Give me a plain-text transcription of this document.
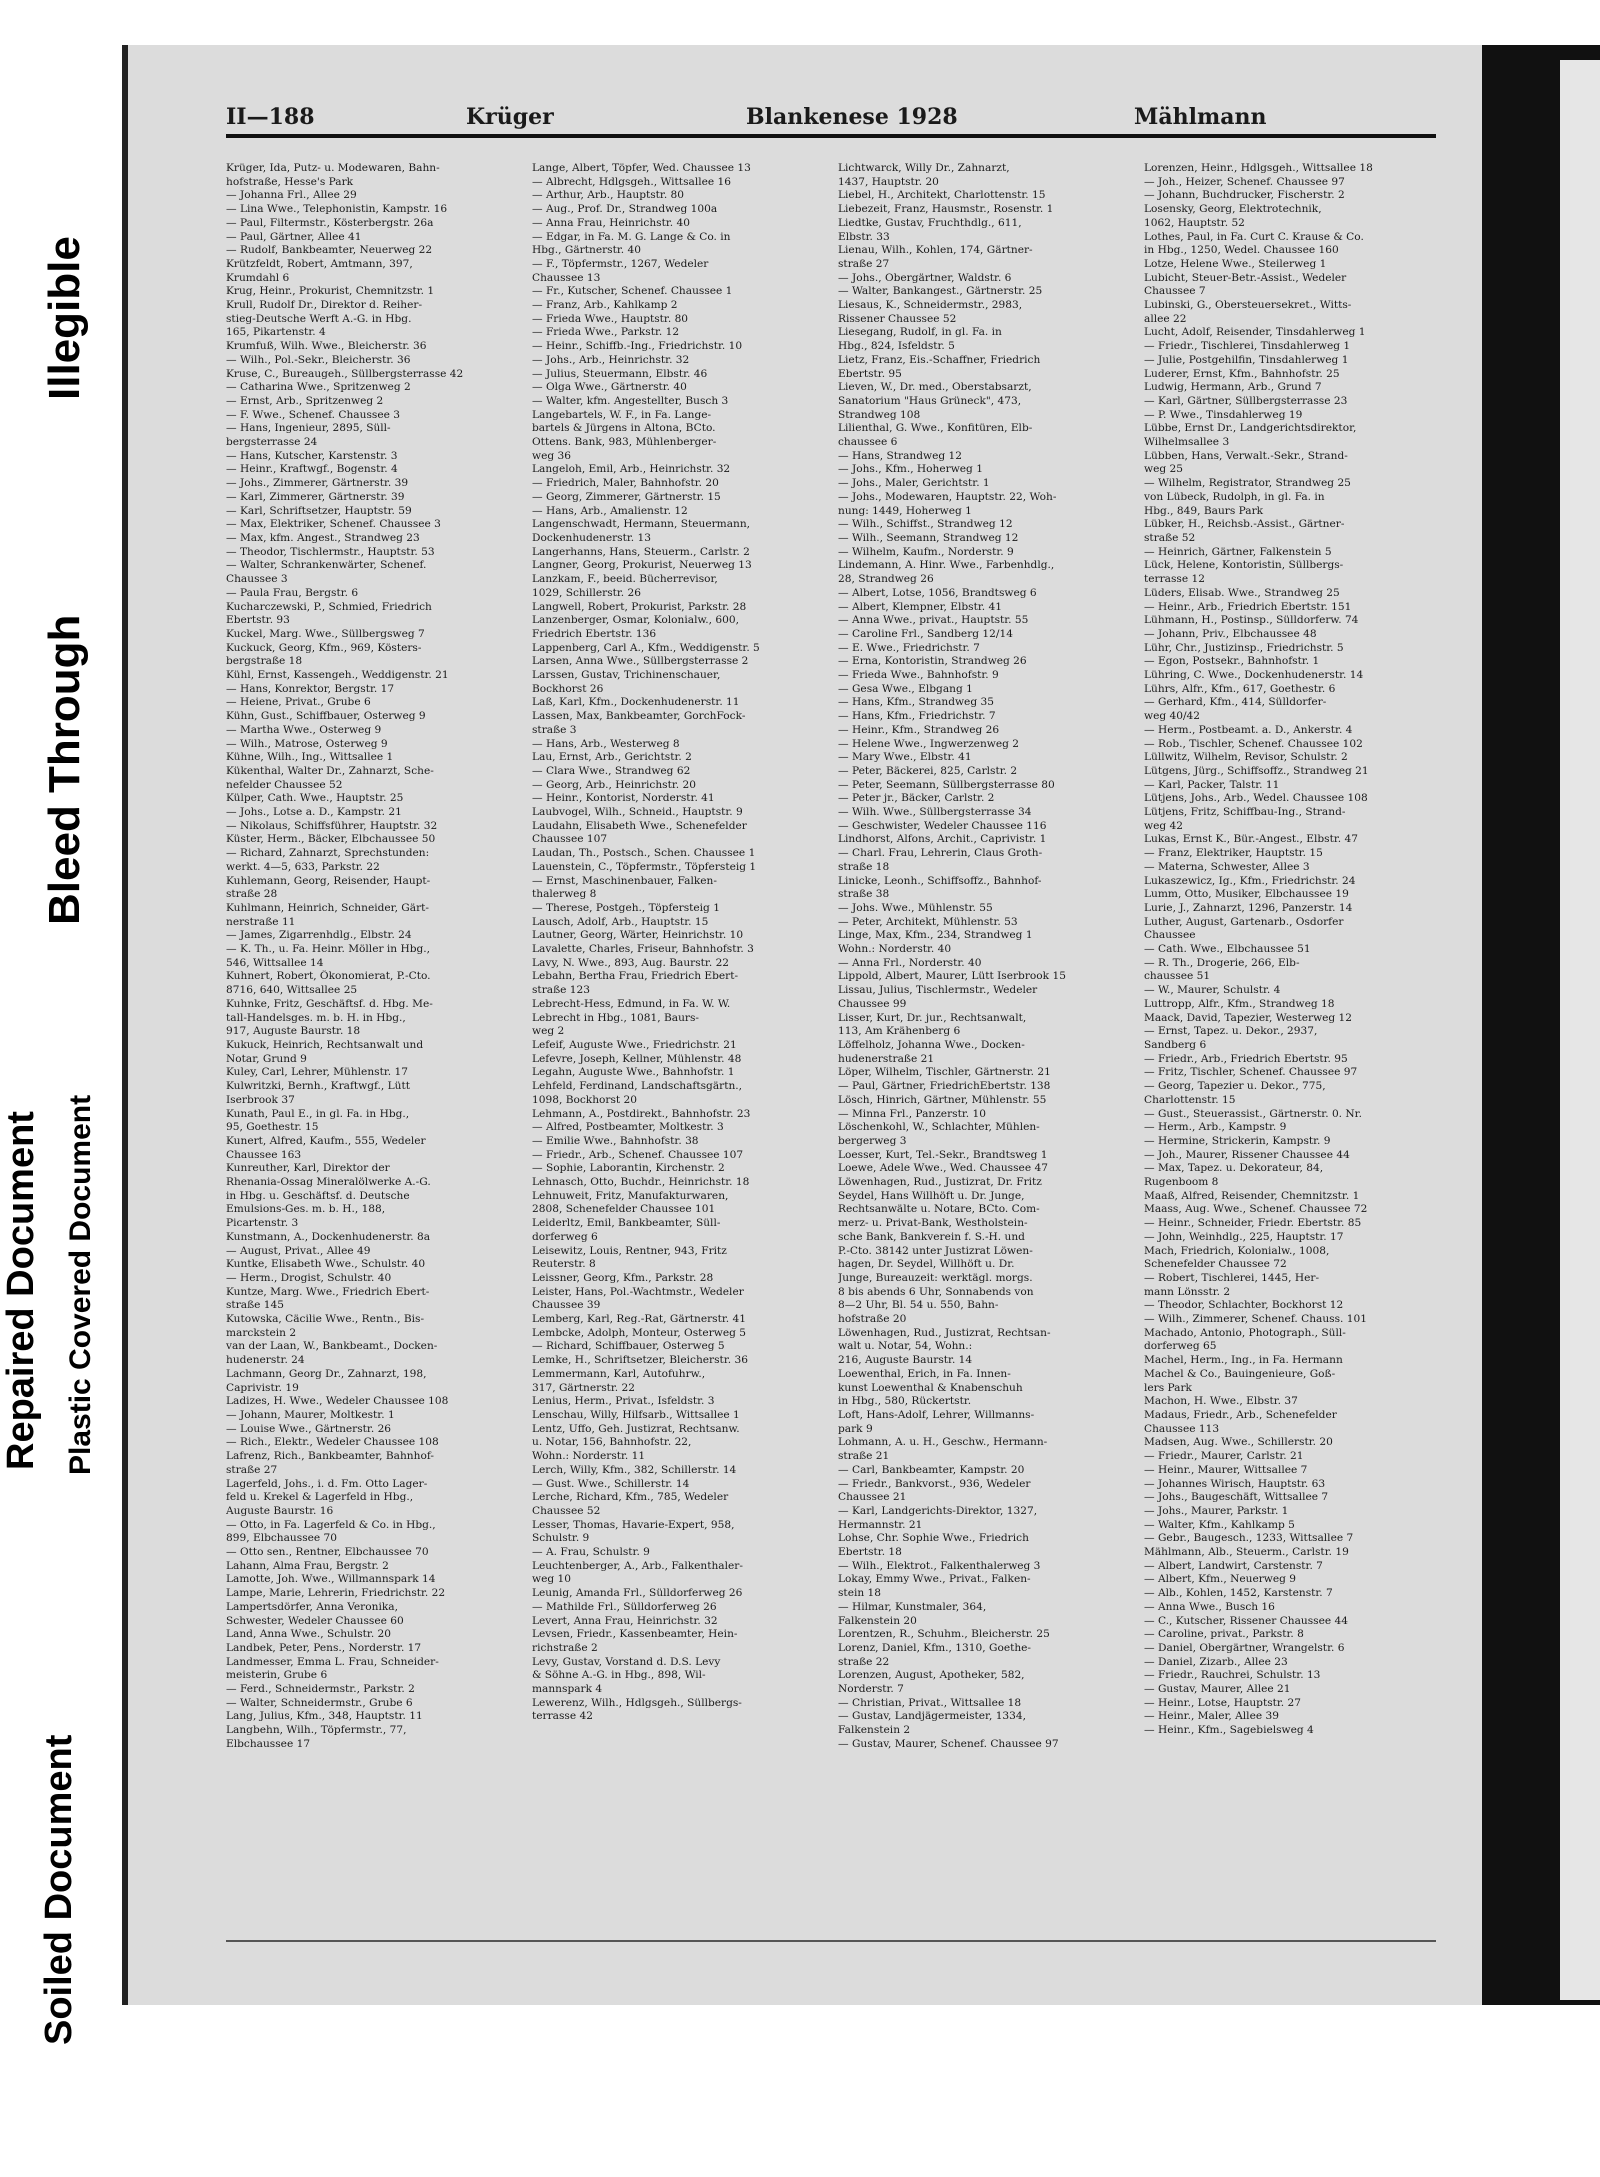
Soiled Document
Repaired Document Plastic Covered Document
Bleed Through
Illegible
II—188	Krüger	Blankenese 1928	Mählmann
Krüger, Ida, Putz- u. Modewaren, Bahn-
hofstraße, Hesse's Park
— Johanna Frl., Allee 29
— Lina Wwe., Telephonistin, Kampstr. 16
— Paul, Filtermstr., Kösterbergstr. 26a
— Paul, Gärtner, Allee 41
— Rudolf, Bankbeamter, Neuerweg 22
Krützfeldt, Robert, Amtmann, 397,
Krumdahl 6
Krug, Heinr., Prokurist, Chemnitzstr. 1
Krull, Rudolf Dr., Direktor d. Reiher-
stieg-Deutsche Werft A.-G. in Hbg.
165, Pikartenstr. 4
Krumfuß, Wilh. Wwe., Bleicherstr. 36
— Wilh., Pol.-Sekr., Bleicherstr. 36
Kruse, C., Bureaugeh., Süllbergsterrasse 42
— Catharina Wwe., Spritzenweg 2
— Ernst, Arb., Spritzenweg 2
— F. Wwe., Schenef. Chaussee 3
— Hans, Ingenieur, 2895, Süll-
bergsterrasse 24
— Hans, Kutscher, Karstenstr. 3
— Heinr., Kraftwgf., Bogenstr. 4
— Johs., Zimmerer, Gärtnerstr. 39
— Karl, Zimmerer, Gärtnerstr. 39
— Karl, Schriftsetzer, Hauptstr. 59
— Max, Elektriker, Schenef. Chaussee 3
— Max, kfm. Angest., Strandweg 23
— Theodor, Tischlermstr., Hauptstr. 53
— Walter, Schrankenwärter, Schenef.
Chaussee 3
— Paula Frau, Bergstr. 6
Kucharczewski, P., Schmied, Friedrich
Ebertstr. 93
Kuckel, Marg. Wwe., Süllbergsweg 7
Kuckuck, Georg, Kfm., 969, Kösters-
bergstraße 18
Kühl, Ernst, Kassengeh., Weddigenstr. 21
— Hans, Konrektor, Bergstr. 17
— Heiene, Privat., Grube 6
Kühn, Gust., Schiffbauer, Osterweg 9
— Martha Wwe., Osterweg 9
— Wilh., Matrose, Osterweg 9
Kühne, Wilh., Ing., Wittsallee 1
Kükenthal, Walter Dr., Zahnarzt, Sche-
nefelder Chaussee 52
Külper, Cath. Wwe., Hauptstr. 25
— Johs., Lotse a. D., Kampstr. 21
— Nikolaus, Schiffsführer, Hauptstr. 32
Küster, Herm., Bäcker, Elbchaussee 50
— Richard, Zahnarzt, Sprechstunden:
werkt. 4—5, 633, Parkstr. 22
Kuhlemann, Georg, Reisender, Haupt-
straße 28
Kuhlmann, Heinrich, Schneider, Gärt-
nerstraße 11
— James, Zigarrenhdlg., Elbstr. 24
— K. Th., u. Fa. Heinr. Möller in Hbg.,
546, Wittsallee 14
Kuhnert, Robert, Ökonomierat, P.-Cto.
8716, 640, Wittsallee 25
Kuhnke, Fritz, Geschäftsf. d. Hbg. Me-
tall-Handelsges. m. b. H. in Hbg.,
917, Auguste Baurstr. 18
Kukuck, Heinrich, Rechtsanwalt und
Notar, Grund 9
Kuley, Carl, Lehrer, Mühlenstr. 17
Kulwritzki, Bernh., Kraftwgf., Lütt
Iserbrook 37
Kunath, Paul E., in gl. Fa. in Hbg.,
95, Goethestr. 15
Kunert, Alfred, Kaufm., 555, Wedeler
Chaussee 163
Kunreuther, Karl, Direktor der
Rhenania-Ossag Mineralölwerke A.-G.
in Hbg. u. Geschäftsf. d. Deutsche
Emulsions-Ges. m. b. H., 188,
Picartenstr. 3
Kunstmann, A., Dockenhudenerstr. 8a
— August, Privat., Allee 49
Kuntke, Elisabeth Wwe., Schulstr. 40
— Herm., Drogist, Schulstr. 40
Kuntze, Marg. Wwe., Friedrich Ebert-
straße 145
Kutowska, Cäcilie Wwe., Rentn., Bis-
marckstein 2
van der Laan, W., Bankbeamt., Docken-
hudenerstr. 24
Lachmann, Georg Dr., Zahnarzt, 198,
Caprivistr. 19
Ladizes, H. Wwe., Wedeler Chaussee 108
— Johann, Maurer, Moltkestr. 1
— Louise Wwe., Gärtnerstr. 26
— Rich., Elektr., Wedeler Chaussee 108
Lafrenz, Rich., Bankbeamter, Bahnhof-
straße 27
Lagerfeld, Johs., i. d. Fm. Otto Lager-
feld u. Krekel & Lagerfeld in Hbg.,
Auguste Baurstr. 16
— Otto, in Fa. Lagerfeld & Co. in Hbg.,
899, Elbchaussee 70
— Otto sen., Rentner, Elbchaussee 70
Lahann, Alma Frau, Bergstr. 2
Lamotte, Joh. Wwe., Willmannspark 14
Lampe, Marie, Lehrerin, Friedrichstr. 22
Lampertsdörfer, Anna Veronika,
Schwester, Wedeler Chaussee 60
Land, Anna Wwe., Schulstr. 20
Landbek, Peter, Pens., Norderstr. 17
Landmesser, Emma L. Frau, Schneider-
meisterin, Grube 6
— Ferd., Schneidermstr., Parkstr. 2
— Walter, Schneidermstr., Grube 6
Lang, Julius, Kfm., 348, Hauptstr. 11
Langbehn, Wilh., Töpfermstr., 77,
Elbchaussee 17
Lange, Albert, Töpfer, Wed. Chaussee 13
— Albrecht, Hdlgsgeh., Wittsallee 16
— Arthur, Arb., Hauptstr. 80
— Aug., Prof. Dr., Strandweg 100a
— Anna Frau, Heinrichstr. 40
— Edgar, in Fa. M. G. Lange & Co. in
Hbg., Gärtnerstr. 40
— F., Töpfermstr., 1267, Wedeler
Chaussee 13
— Fr., Kutscher, Schenef. Chaussee 1
— Franz, Arb., Kahlkamp 2
— Frieda Wwe., Hauptstr. 80
— Frieda Wwe., Parkstr. 12
— Heinr., Schiffb.-Ing., Friedrichstr. 10
— Johs., Arb., Heinrichstr. 32
— Julius, Steuermann, Elbstr. 46
— Olga Wwe., Gärtnerstr. 40
— Walter, kfm. Angestellter, Busch 3
Langebartels, W. F., in Fa. Lange-
bartels & Jürgens in Altona, BCto.
Ottens. Bank, 983, Mühlenberger-
weg 36
Langeloh, Emil, Arb., Heinrichstr. 32
— Friedrich, Maler, Bahnhofstr. 20
— Georg, Zimmerer, Gärtnerstr. 15
— Hans, Arb., Amalienstr. 12
Langenschwadt, Hermann, Steuermann,
Dockenhudenerstr. 13
Langerhanns, Hans, Steuerm., Carlstr. 2
Langner, Georg, Prokurist, Neuerweg 13
Lanzkam, F., beeid. Bücherrevisor,
1029, Schillerstr. 26
Langwell, Robert, Prokurist, Parkstr. 28
Lanzenberger, Osmar, Kolonialw., 600,
Friedrich Ebertstr. 136
Lappenberg, Carl A., Kfm., Weddigenstr. 5
Larsen, Anna Wwe., Süllbergsterrasse 2
Larssen, Gustav, Trichinenschauer,
Bockhorst 26
Laß, Karl, Kfm., Dockenhudenerstr. 11
Lassen, Max, Bankbeamter, GorchFock-
straße 3
— Hans, Arb., Westerweg 8
Lau, Ernst, Arb., Gerichtstr. 2
— Clara Wwe., Strandweg 62
— Georg, Arb., Heinrichstr. 20
— Heinr., Kontorist, Norderstr. 41
Laubvogel, Wilh., Schneid., Hauptstr. 9
Laudahn, Elisabeth Wwe., Schenefelder
Chaussee 107
Laudan, Th., Postsch., Schen. Chaussee 1
Lauenstein, C., Töpfermstr., Töpfersteig 1
— Ernst, Maschinenbauer, Falken-
thalerweg 8
— Therese, Postgeh., Töpfersteig 1
Lausch, Adolf, Arb., Hauptstr. 15
Lautner, Georg, Wärter, Heinrichstr. 10
Lavalette, Charles, Friseur, Bahnhofstr. 3
Lavy, N. Wwe., 893, Aug. Baurstr. 22
Lebahn, Bertha Frau, Friedrich Ebert-
straße 123
Lebrecht-Hess, Edmund, in Fa. W. W.
Lebrecht in Hbg., 1081, Baurs-
weg 2
Lefeif, Auguste Wwe., Friedrichstr. 21
Lefevre, Joseph, Kellner, Mühlenstr. 48
Legahn, Auguste Wwe., Bahnhofstr. 1
Lehfeld, Ferdinand, Landschaftsgärtn.,
1098, Bockhorst 20
Lehmann, A., Postdirekt., Bahnhofstr. 23
— Alfred, Postbeamter, Moltkestr. 3
— Emilie Wwe., Bahnhofstr. 38
— Friedr., Arb., Schenef. Chaussee 107
— Sophie, Laborantin, Kirchenstr. 2
Lehnasch, Otto, Buchdr., Heinrichstr. 18
Lehnuweit, Fritz, Manufakturwaren,
2808, Schenefelder Chaussee 101
Leiderltz, Emil, Bankbeamter, Süll-
dorferweg 6
Leisewitz, Louis, Rentner, 943, Fritz
Reuterstr. 8
Leissner, Georg, Kfm., Parkstr. 28
Leister, Hans, Pol.-Wachtmstr., Wedeler
Chaussee 39
Lemberg, Karl, Reg.-Rat, Gärtnerstr. 41
Lembcke, Adolph, Monteur, Osterweg 5
— Richard, Schiffbauer, Osterweg 5
Lemke, H., Schriftsetzer, Bleicherstr. 36
Lemmermann, Karl, Autofuhrw.,
317, Gärtnerstr. 22
Lenius, Herm., Privat., Isfeldstr. 3
Lenschau, Willy, Hilfsarb., Wittsallee 1
Lentz, Uffo, Geh. Justizrat, Rechtsanw.
u. Notar, 156, Bahnhofstr. 22,
Wohn.: Norderstr. 11
Lerch, Willy, Kfm., 382, Schillerstr. 14
— Gust. Wwe., Schillerstr. 14
Lerche, Richard, Kfm., 785, Wedeler
Chaussee 52
Lesser, Thomas, Havarie-Expert, 958,
Schulstr. 9
— A. Frau, Schulstr. 9
Leuchtenberger, A., Arb., Falkenthaler-
weg 10
Leunig, Amanda Frl., Sülldorferweg 26
— Mathilde Frl., Sülldorferweg 26
Levert, Anna Frau, Heinrichstr. 32
Levsen, Friedr., Kassenbeamter, Hein-
richstraße 2
Levy, Gustav, Vorstand d. D.S. Levy
& Söhne A.-G. in Hbg., 898, Wil-
mannspark 4
Lewerenz, Wilh., Hdlgsgeh., Süllbergs-
terrasse 42
Lichtwarck, Willy Dr., Zahnarzt,
1437, Hauptstr. 20
Liebel, H., Architekt, Charlottenstr. 15
Liebezeit, Franz, Hausmstr., Rosenstr. 1
Liedtke, Gustav, Fruchthdlg., 611,
Elbstr. 33
Lienau, Wilh., Kohlen, 174, Gärtner-
straße 27
— Johs., Obergärtner, Waldstr. 6
— Walter, Bankangest., Gärtnerstr. 25
Liesaus, K., Schneidermstr., 2983,
Rissener Chaussee 52
Liesegang, Rudolf, in gl. Fa. in
Hbg., 824, Isfeldstr. 5
Lietz, Franz, Eis.-Schaffner, Friedrich
Ebertstr. 95
Lieven, W., Dr. med., Oberstabsarzt,
Sanatorium "Haus Grüneck", 473,
Strandweg 108
Lilienthal, G. Wwe., Konfitüren, Elb-
chaussee 6
— Hans, Strandweg 12
— Johs., Kfm., Hoherweg 1
— Johs., Maler, Gerichtstr. 1
— Johs., Modewaren, Hauptstr. 22, Woh-
nung: 1449, Hoherweg 1
— Wilh., Schiffst., Strandweg 12
— Wilh., Seemann, Strandweg 12
— Wilhelm, Kaufm., Norderstr. 9
Lindemann, A. Hinr. Wwe., Farbenhdlg.,
28, Strandweg 26
— Albert, Lotse, 1056, Brandtsweg 6
— Albert, Klempner, Elbstr. 41
— Anna Wwe., privat., Hauptstr. 55
— Caroline Frl., Sandberg 12/14
— E. Wwe., Friedrichstr. 7
— Erna, Kontoristin, Strandweg 26
— Frieda Wwe., Bahnhofstr. 9
— Gesa Wwe., Elbgang 1
— Hans, Kfm., Strandweg 35
— Hans, Kfm., Friedrichstr. 7
— Heinr., Kfm., Strandweg 26
— Helene Wwe., Ingwerzenweg 2
— Mary Wwe., Elbstr. 41
— Peter, Bäckerei, 825, Carlstr. 2
— Peter, Seemann, Süllbergsterrasse 80
— Peter jr., Bäcker, Carlstr. 2
— Wilh. Wwe., Süllbergsterrasse 34
— Geschwister, Wedeler Chaussee 116
Lindhorst, Alfons, Archit., Caprivistr. 1
— Charl. Frau, Lehrerin, Claus Groth-
straße 18
Linicke, Leonh., Schiffsoffz., Bahnhof-
straße 38
— Johs. Wwe., Mühlenstr. 55
— Peter, Architekt, Mühlenstr. 53
Linge, Max, Kfm., 234, Strandweg 1
Wohn.: Norderstr. 40
— Anna Frl., Norderstr. 40
Lippold, Albert, Maurer, Lütt Iserbrook 15
Lissau, Julius, Tischlermstr., Wedeler
Chaussee 99
Lisser, Kurt, Dr. jur., Rechtsanwalt,
113, Am Krähenberg 6
Löffelholz, Johanna Wwe., Docken-
hudenerstraße 21
Löper, Wilhelm, Tischler, Gärtnerstr. 21
— Paul, Gärtner, FriedrichEbertstr. 138
Lösch, Hinrich, Gärtner, Mühlenstr. 55
— Minna Frl., Panzerstr. 10
Löschenkohl, W., Schlachter, Mühlen-
bergerweg 3
Loesser, Kurt, Tel.-Sekr., Brandtsweg 1
Loewe, Adele Wwe., Wed. Chaussee 47
Löwenhagen, Rud., Justizrat, Dr. Fritz
Seydel, Hans Willhöft u. Dr. Junge,
Rechtsanwälte u. Notare, BCto. Com-
merz- u. Privat-Bank, Westholstein-
sche Bank, Bankverein f. S.-H. und
P.-Cto. 38142 unter Justizrat Löwen-
hagen, Dr. Seydel, Willhöft u. Dr.
Junge, Bureauzeit: werktägl. morgs.
8 bis abends 6 Uhr, Sonnabends von
8—2 Uhr, Bl. 54 u. 550, Bahn-
hofstraße 20
Löwenhagen, Rud., Justizrat, Rechtsan-
walt u. Notar, 54, Wohn.:
216, Auguste Baurstr. 14
Loewenthal, Erich, in Fa. Innen-
kunst Loewenthal & Knabenschuh
in Hbg., 580, Rückertstr.
Loft, Hans-Adolf, Lehrer, Willmanns-
park 9
Lohmann, A. u. H., Geschw., Hermann-
straße 21
— Carl, Bankbeamter, Kampstr. 20
— Friedr., Bankvorst., 936, Wedeler
Chaussee 21
— Karl, Landgerichts-Direktor, 1327,
Hermannstr. 21
Lohse, Chr. Sophie Wwe., Friedrich
Ebertstr. 18
— Wilh., Elektrot., Falkenthalerweg 3
Lokay, Emmy Wwe., Privat., Falken-
stein 18
— Hilmar, Kunstmaler, 364,
Falkenstein 20
Lorentzen, R., Schuhm., Bleicherstr. 25
Lorenz, Daniel, Kfm., 1310, Goethe-
straße 22
Lorenzen, August, Apotheker, 582,
Norderstr. 7
— Christian, Privat., Wittsallee 18
— Gustav, Landjägermeister, 1334,
Falkenstein 2
— Gustav, Maurer, Schenef. Chaussee 97
Lorenzen, Heinr., Hdlgsgeh., Wittsallee 18
— Joh., Heizer, Schenef. Chaussee 97
— Johann, Buchdrucker, Fischerstr. 2
Losensky, Georg, Elektrotechnik,
1062, Hauptstr. 52
Lothes, Paul, in Fa. Curt C. Krause & Co.
in Hbg., 1250, Wedel. Chaussee 160
Lotze, Helene Wwe., Steilerweg 1
Lubicht, Steuer-Betr.-Assist., Wedeler
Chaussee 7
Lubinski, G., Obersteuersekret., Witts-
allee 22
Lucht, Adolf, Reisender, Tinsdahlerweg 1
— Friedr., Tischlerei, Tinsdahlerweg 1
— Julie, Postgehilfin, Tinsdahlerweg 1
Luderer, Ernst, Kfm., Bahnhofstr. 25
Ludwig, Hermann, Arb., Grund 7
— Karl, Gärtner, Süllbergsterrasse 23
— P. Wwe., Tinsdahlerweg 19
Lübbe, Ernst Dr., Landgerichtsdirektor,
Wilhelmsallee 3
Lübben, Hans, Verwalt.-Sekr., Strand-
weg 25
— Wilhelm, Registrator, Strandweg 25
von Lübeck, Rudolph, in gl. Fa. in
Hbg., 849, Baurs Park
Lübker, H., Reichsb.-Assist., Gärtner-
straße 52
— Heinrich, Gärtner, Falkenstein 5
Lück, Helene, Kontoristin, Süllbergs-
terrasse 12
Lüders, Elisab. Wwe., Strandweg 25
— Heinr., Arb., Friedrich Ebertstr. 151
Lühmann, H., Postinsp., Sülldorferw. 74
— Johann, Priv., Elbchaussee 48
Lühr, Chr., Justizinsp., Friedrichstr. 5
— Egon, Postsekr., Bahnhofstr. 1
Lühring, C. Wwe., Dockenhudenerstr. 14
Lührs, Alfr., Kfm., 617, Goethestr. 6
— Gerhard, Kfm., 414, Sülldorfer-
weg 40/42
— Herm., Postbeamt. a. D., Ankerstr. 4
— Rob., Tischler, Schenef. Chaussee 102
Lüllwitz, Wilhelm, Revisor, Schulstr. 2
Lütgens, Jürg., Schiffsoffz., Strandweg 21
— Karl, Packer, Talstr. 11
Lütjens, Johs., Arb., Wedel. Chaussee 108
Lütjens, Fritz, Schiffbau-Ing., Strand-
weg 42
Lukas, Ernst K., Bür.-Angest., Elbstr. 47
— Franz, Elektriker, Hauptstr. 15
— Materna, Schwester, Allee 3
Lukaszewicz, Ig., Kfm., Friedrichstr. 24
Lumm, Otto, Musiker, Elbchaussee 19
Lurie, J., Zahnarzt, 1296, Panzerstr. 14
Luther, August, Gartenarb., Osdorfer
Chaussee
— Cath. Wwe., Elbchaussee 51
— R. Th., Drogerie, 266, Elb-
chaussee 51
— W., Maurer, Schulstr. 4
Luttropp, Alfr., Kfm., Strandweg 18
Maack, David, Tapezier, Westerweg 12
— Ernst, Tapez. u. Dekor., 2937,
Sandberg 6
— Friedr., Arb., Friedrich Ebertstr. 95
— Fritz, Tischler, Schenef. Chaussee 97
— Georg, Tapezier u. Dekor., 775,
Charlottenstr. 15
— Gust., Steuerassist., Gärtnerstr. 0. Nr.
— Herm., Arb., Kampstr. 9
— Hermine, Strickerin, Kampstr. 9
— Joh., Maurer, Rissener Chaussee 44
— Max, Tapez. u. Dekorateur, 84,
Rugenboom 8
Maaß, Alfred, Reisender, Chemnitzstr. 1
Maass, Aug. Wwe., Schenef. Chaussee 72
— Heinr., Schneider, Friedr. Ebertstr. 85
— John, Weinhdlg., 225, Hauptstr. 17
Mach, Friedrich, Kolonialw., 1008,
Schenefelder Chaussee 72
— Robert, Tischlerei, 1445, Her-
mann Lönsstr. 2
— Theodor, Schlachter, Bockhorst 12
— Wilh., Zimmerer, Schenef. Chauss. 101
Machado, Antonio, Photograph., Süll-
dorferweg 65
Machel, Herm., Ing., in Fa. Hermann
Machel & Co., Bauingenieure, Goß-
lers Park
Machon, H. Wwe., Elbstr. 37
Madaus, Friedr., Arb., Schenefelder
Chaussee 113
Madsen, Aug. Wwe., Schillerstr. 20
— Friedr., Maurer, Carlstr. 21
— Heinr., Maurer, Wittsallee 7
— Johannes Wirisch, Hauptstr. 63
— Johs., Baugeschäft, Wittsallee 7
— Johs., Maurer, Parkstr. 1
— Walter, Kfm., Kahlkamp 5
— Gebr., Baugesch., 1233, Wittsallee 7
Mählmann, Alb., Steuerm., Carlstr. 19
— Albert, Landwirt, Carstenstr. 7
— Albert, Kfm., Neuerweg 9
— Alb., Kohlen, 1452, Karstenstr. 7
— Anna Wwe., Busch 16
— C., Kutscher, Rissener Chaussee 44
— Caroline, privat., Parkstr. 8
— Daniel, Obergärtner, Wrangelstr. 6
— Daniel, Zizarb., Allee 23
— Friedr., Rauchrei, Schulstr. 13
— Gustav, Maurer, Allee 21
— Heinr., Lotse, Hauptstr. 27
— Heinr., Maler, Allee 39
— Heinr., Kfm., Sagebielsweg 4
